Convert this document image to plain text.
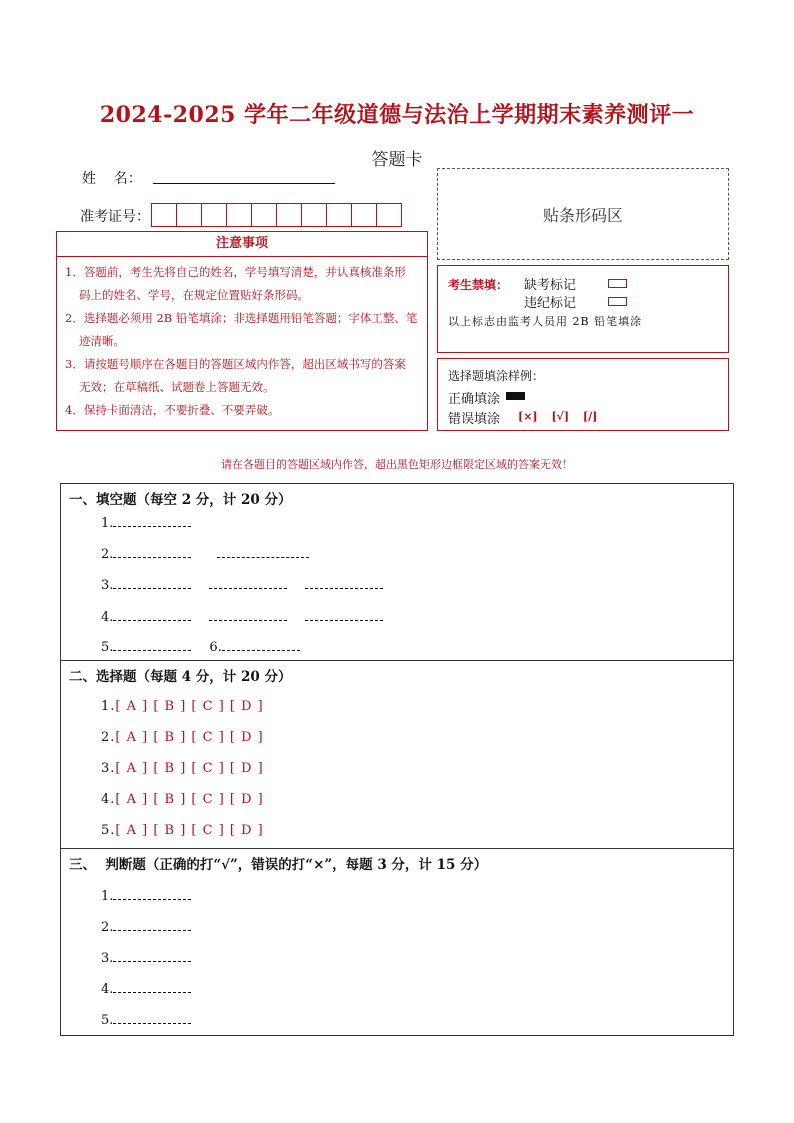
2024-2025 学年二年级道德与法治上学期期末素养测评一
答题卡
姓    名：
准考证号：	贴条形码区
注意事项
1．答题前，考生先将自己的姓名，学号填写清楚，并认真核准条形
码上的姓名、学号，在规定位置贴好条形码。
2．选择题必须用 2B 铅笔填涂；非选择题用铅笔答题；字体工整、笔
迹清晰。
3．请按题号顺序在各题目的答题区域内作答，超出区域书写的答案
无效；在草稿纸、试题卷上答题无效。
4．保持卡面清洁，不要折叠、不要弄破。
考生禁填： 缺考标记
违纪标记
以上标志由监考人员用 2B 铅笔填涂
选择题填涂样例：
正确填涂
错误填涂 [×] [√] [/]
请在各题目的答题区域内作答，超出黑色矩形边框限定区域的答案无效！
一、填空题（每空 2 分，计 20 分）
1.
2.
3.
4.
5.	6.
二、选择题（每题 4 分，计 20 分）
1.[ A ] [ B ] [ C ] [ D ]
2.[ A ] [ B ] [ C ] [ D ]
3.[ A ] [ B ] [ C ] [ D ]
4.[ A ] [ B ] [ C ] [ D ]
5.[ A ] [ B ] [ C ] [ D ]
三、  判断题（正确的打“√”，错误的打“×”，每题 3 分，计 15 分）
1.
2.
3.
4.
5.
